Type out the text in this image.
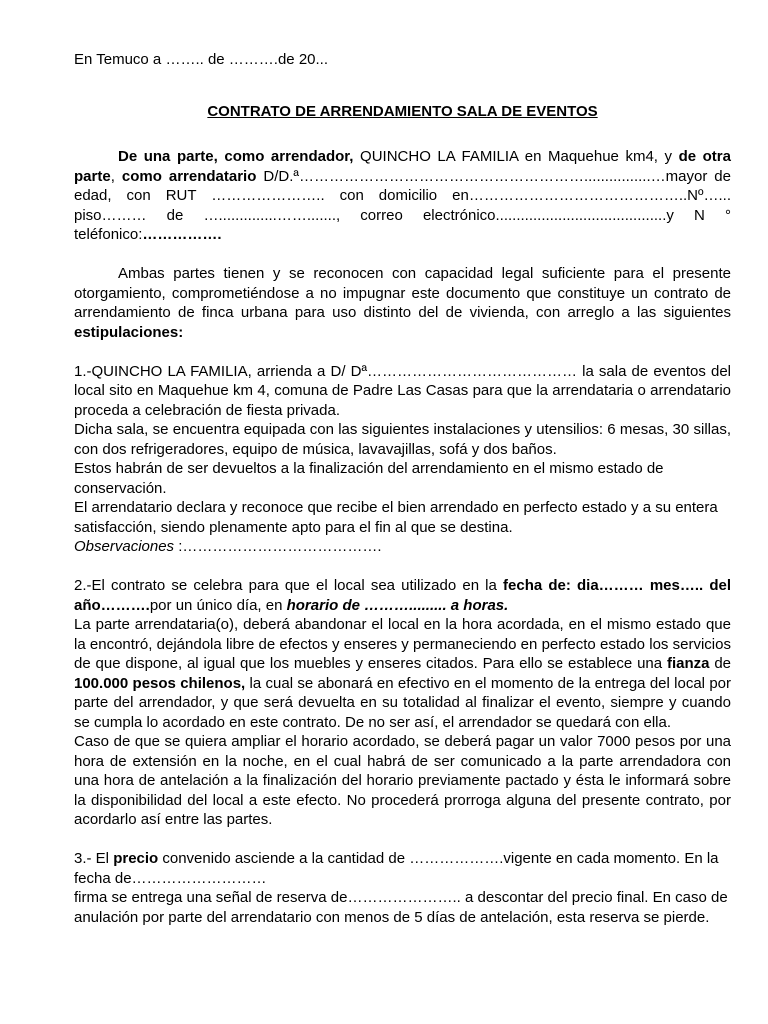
En Temuco a …….. de ……….de 20...

CONTRATO DE ARRENDAMIENTO SALA DE EVENTOS

De una parte, como arrendador, QUINCHO LA FAMILIA en Maquehue km4, y de otra parte, como arrendatario D/D.ª…………………………………………………................…mayor de edad, con RUT ………………….. con domicilio en……………………………………..Nº…... piso……… de …..............……......., correo electrónico.........................................y N ° teléfonico:…………….

Ambas partes tienen y se reconocen con capacidad legal suficiente para el presente otorgamiento, comprometiéndose a no impugnar este documento que constituye un contrato de arrendamiento de finca urbana para uso distinto del de vivienda, con arreglo a las siguientes estipulaciones:

1.-QUINCHO LA FAMILIA, arrienda a D/ Dª…………………………………… la sala de eventos del local sito en Maquehue km 4, comuna de Padre Las Casas para que la arrendataria o arrendatario proceda a celebración de fiesta privada.

Dicha sala, se encuentra equipada con las siguientes instalaciones y utensilios: 6 mesas, 30 sillas, con dos refrigeradores, equipo de música, lavavajillas, sofá y dos baños.

Estos habrán de ser devueltos a la finalización del arrendamiento en el mismo estado de conservación.

El arrendatario declara y reconoce que recibe el bien arrendado en perfecto estado y a su entera satisfacción, siendo plenamente apto para el fin al que se destina.

Observaciones :………………………………….

2.-El contrato se celebra para que el local sea utilizado en la fecha de: dia……… mes….. del año……….por un único día, en horario de ………......... a horas.

La parte arrendataria(o), deberá abandonar el local en la hora acordada, en el mismo estado que la encontró, dejándola libre de efectos y enseres y permaneciendo en perfecto estado los servicios de que dispone, al igual que los muebles y enseres citados. Para ello se establece una fianza de 100.000 pesos chilenos, la cual se abonará en efectivo en el momento de la entrega del local por parte del arrendador, y que será devuelta en su totalidad al finalizar el evento, siempre y cuando se cumpla lo acordado en este contrato. De no ser así, el arrendador se quedará con ella.

Caso de que se quiera ampliar el horario acordado, se deberá pagar un valor 7000 pesos por una hora de extensión en la noche, en el cual habrá de ser comunicado a la parte arrendadora con una hora de antelación a la finalización del horario previamente pactado y ésta le informará sobre la disponibilidad del local a este efecto. No procederá prorroga alguna del presente contrato, por acordarlo así entre las partes.

3.- El precio convenido asciende a la cantidad de ……………….vigente en cada momento. En la fecha de………………………

firma se entrega una señal de reserva de………………….. a descontar del precio final. En caso de anulación por parte del arrendatario con menos de 5 días de antelación, esta reserva se pierde.
